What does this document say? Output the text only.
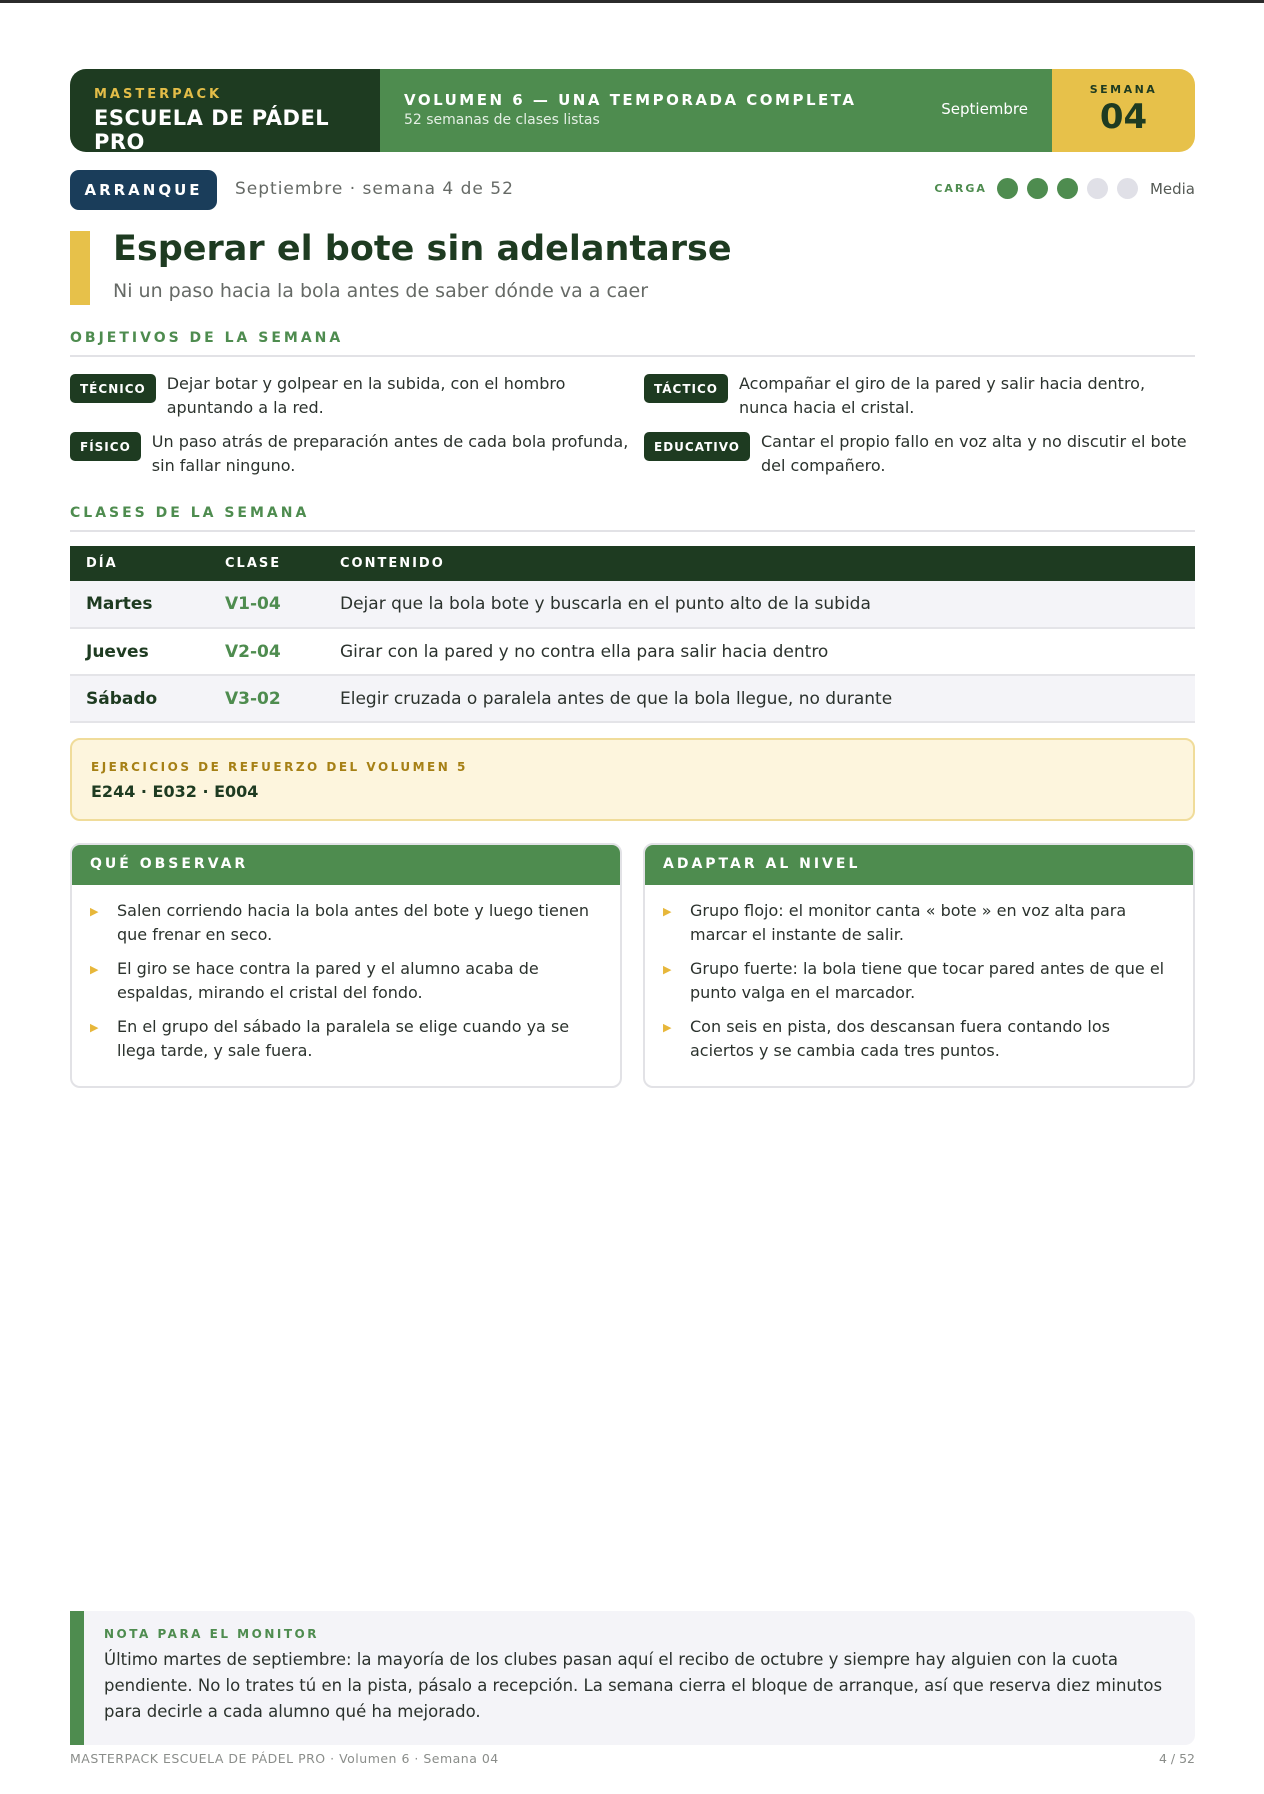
MASTERPACK
ESCUELA DE PÁDEL PRO
VOLUMEN 6 — UNA TEMPORADA COMPLETA
52 semanas de clases listas
Septiembre
SEMANA
04
ARRANQUE	Septiembre · semana 4 de 52	CARGA	Media
Esperar el bote sin adelantarse
Ni un paso hacia la bola antes de saber dónde va a caer
OBJETIVOS DE LA SEMANA
TÉCNICO	Dejar botar y golpear en la subida, con el hombro apuntando a la red.
TÁCTICO	Acompañar el giro de la pared y salir hacia dentro, nunca hacia el cristal.
FÍSICO	Un paso atrás de preparación antes de cada bola profunda, sin fallar ninguno.
EDUCATIVO	Cantar el propio fallo en voz alta y no discutir el bote del compañero.
CLASES DE LA SEMANA
DÍA	CLASE	CONTENIDO
Martes	V1-04	Dejar que la bola bote y buscarla en el punto alto de la subida
Jueves	V2-04	Girar con la pared y no contra ella para salir hacia dentro
Sábado	V3-02	Elegir cruzada o paralela antes de que la bola llegue, no durante
EJERCICIOS DE REFUERZO DEL VOLUMEN 5
E244 · E032 · E004
QUÉ OBSERVAR
▶	Salen corriendo hacia la bola antes del bote y luego tienen que frenar en seco.
▶	El giro se hace contra la pared y el alumno acaba de espaldas, mirando el cristal del fondo.
▶	En el grupo del sábado la paralela se elige cuando ya se llega tarde, y sale fuera.
ADAPTAR AL NIVEL
▶	Grupo flojo: el monitor canta « bote » en voz alta para marcar el instante de salir.
▶	Grupo fuerte: la bola tiene que tocar pared antes de que el punto valga en el marcador.
▶	Con seis en pista, dos descansan fuera contando los aciertos y se cambia cada tres puntos.
NOTA PARA EL MONITOR
Último martes de septiembre: la mayoría de los clubes pasan aquí el recibo de octubre y siempre hay alguien con la cuota pendiente. No lo trates tú en la pista, pásalo a recepción. La semana cierra el bloque de arranque, así que reserva diez minutos para decirle a cada alumno qué ha mejorado.
MASTERPACK ESCUELA DE PÁDEL PRO · Volumen 6 · Semana 04	4 / 52
